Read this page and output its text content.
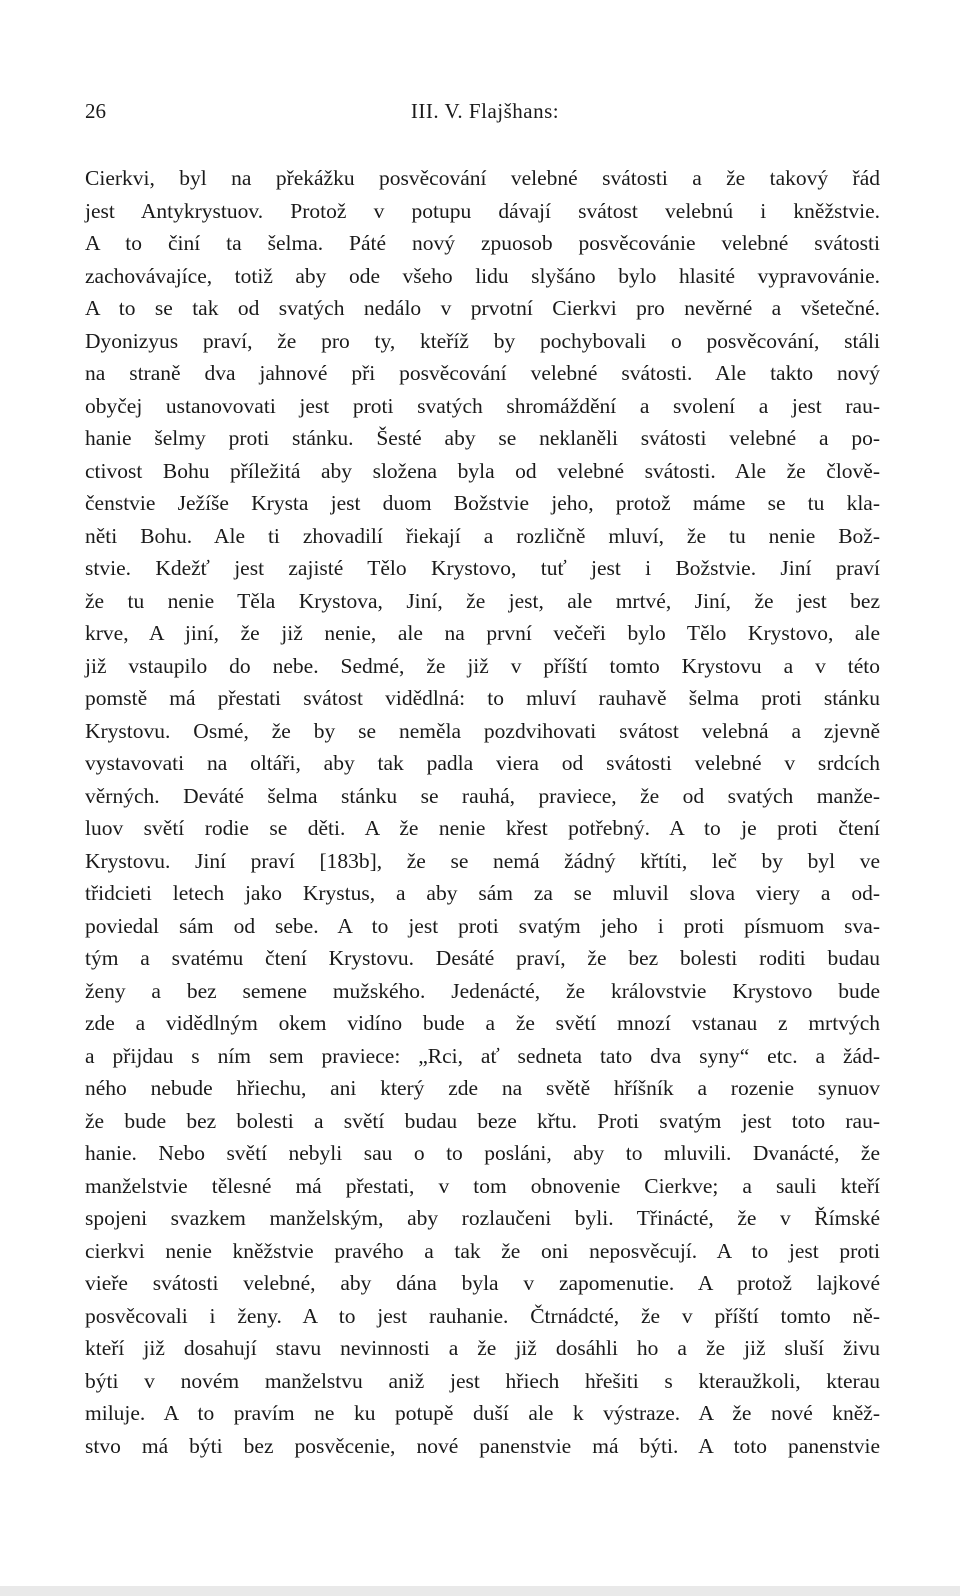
26	III. V. Flajšhans:
Cierkvi, byl na překážku posvěcování velebné svátosti a že takový řád
jest Antykrystuov. Protož v potupu dávají svátost velebnú i kněžstvie.
A to činí ta šelma. Páté nový zpuosob posvěcovánie velebné svátosti
zachovávajíce, totiž aby ode všeho lidu slyšáno bylo hlasité vypravovánie.
A to se tak od svatých nedálo v prvotní Cierkvi pro nevěrné a všetečné.
Dyonizyus praví, že pro ty, kteříž by pochybovali o posvěcování, stáli
na straně dva jahnové při posvěcování velebné svátosti. Ale takto nový
obyčej ustanovovati jest proti svatých shromáždění a svolení a jest rau-
hanie šelmy proti stánku. Šesté aby se neklaněli svátosti velebné a po-
ctivost Bohu příležitá aby složena byla od velebné svátosti. Ale že člově-
čenstvie Ježíše Krysta jest duom Božstvie jeho, protož máme se tu kla-
něti Bohu. Ale ti zhovadilí řiekají a rozličně mluví, že tu nenie Bož-
stvie. Kdežť jest zajisté Tělo Krystovo, tuť jest i Božstvie. Jiní praví
že tu nenie Těla Krystova, Jiní, že jest, ale mrtvé, Jiní, že jest bez
krve, A jiní, že již nenie, ale na první večeři bylo Tělo Krystovo, ale
již vstaupilo do nebe. Sedmé, že již v příští tomto Krystovu a v této
pomstě má přestati svátost vidědlná: to mluví rauhavě šelma proti stánku
Krystovu. Osmé, že by se neměla pozdvihovati svátost velebná a zjevně
vystavovati na oltáři, aby tak padla viera od svátosti velebné v srdcích
věrných. Deváté šelma stánku se rauhá, praviece, že od svatých manže-
luov světí rodie se děti. A že nenie křest potřebný. A to je proti čtení
Krystovu. Jiní praví [183b], že se nemá žádný křtíti, leč by byl ve
třidcieti letech jako Krystus, a aby sám za se mluvil slova viery a od-
poviedal sám od sebe. A to jest proti svatým jeho i proti písmuom sva-
tým a svatému čtení Krystovu. Desáté praví, že bez bolesti roditi budau
ženy a bez semene mužského. Jedenácté, že královstvie Krystovo bude
zde a vidědlným okem vidíno bude a že světí mnozí vstanau z mrtvých
a přijdau s ním sem praviece: „Rci, ať sedneta tato dva syny“ etc. a žád-
ného nebude hřiechu, ani který zde na světě hříšník a rozenie synuov
že bude bez bolesti a světí budau beze křtu. Proti svatým jest toto rau-
hanie. Nebo světí nebyli sau o to posláni, aby to mluvili. Dvanácté, že
manželstvie tělesné má přestati, v tom obnovenie Cierkve; a sauli kteří
spojeni svazkem manželským, aby rozlaučeni byli. Třinácté, že v Římské
cierkvi nenie kněžstvie pravého a tak že oni neposvěcují. A to jest proti
vieře svátosti velebné, aby dána byla v zapomenutie. A protož lajkové
posvěcovali i ženy. A to jest rauhanie. Čtrnádcté, že v příští tomto ně-
kteří již dosahují stavu nevinnosti a že již dosáhli ho a že již sluší živu
býti v novém manželstvu aniž jest hřiech hřešiti s kteraužkoli, kterau
miluje. A to pravím ne ku potupě duší ale k výstraze. A že nové kněž-
stvo má býti bez posvěcenie, nové panenstvie má býti. A toto panenstvie
